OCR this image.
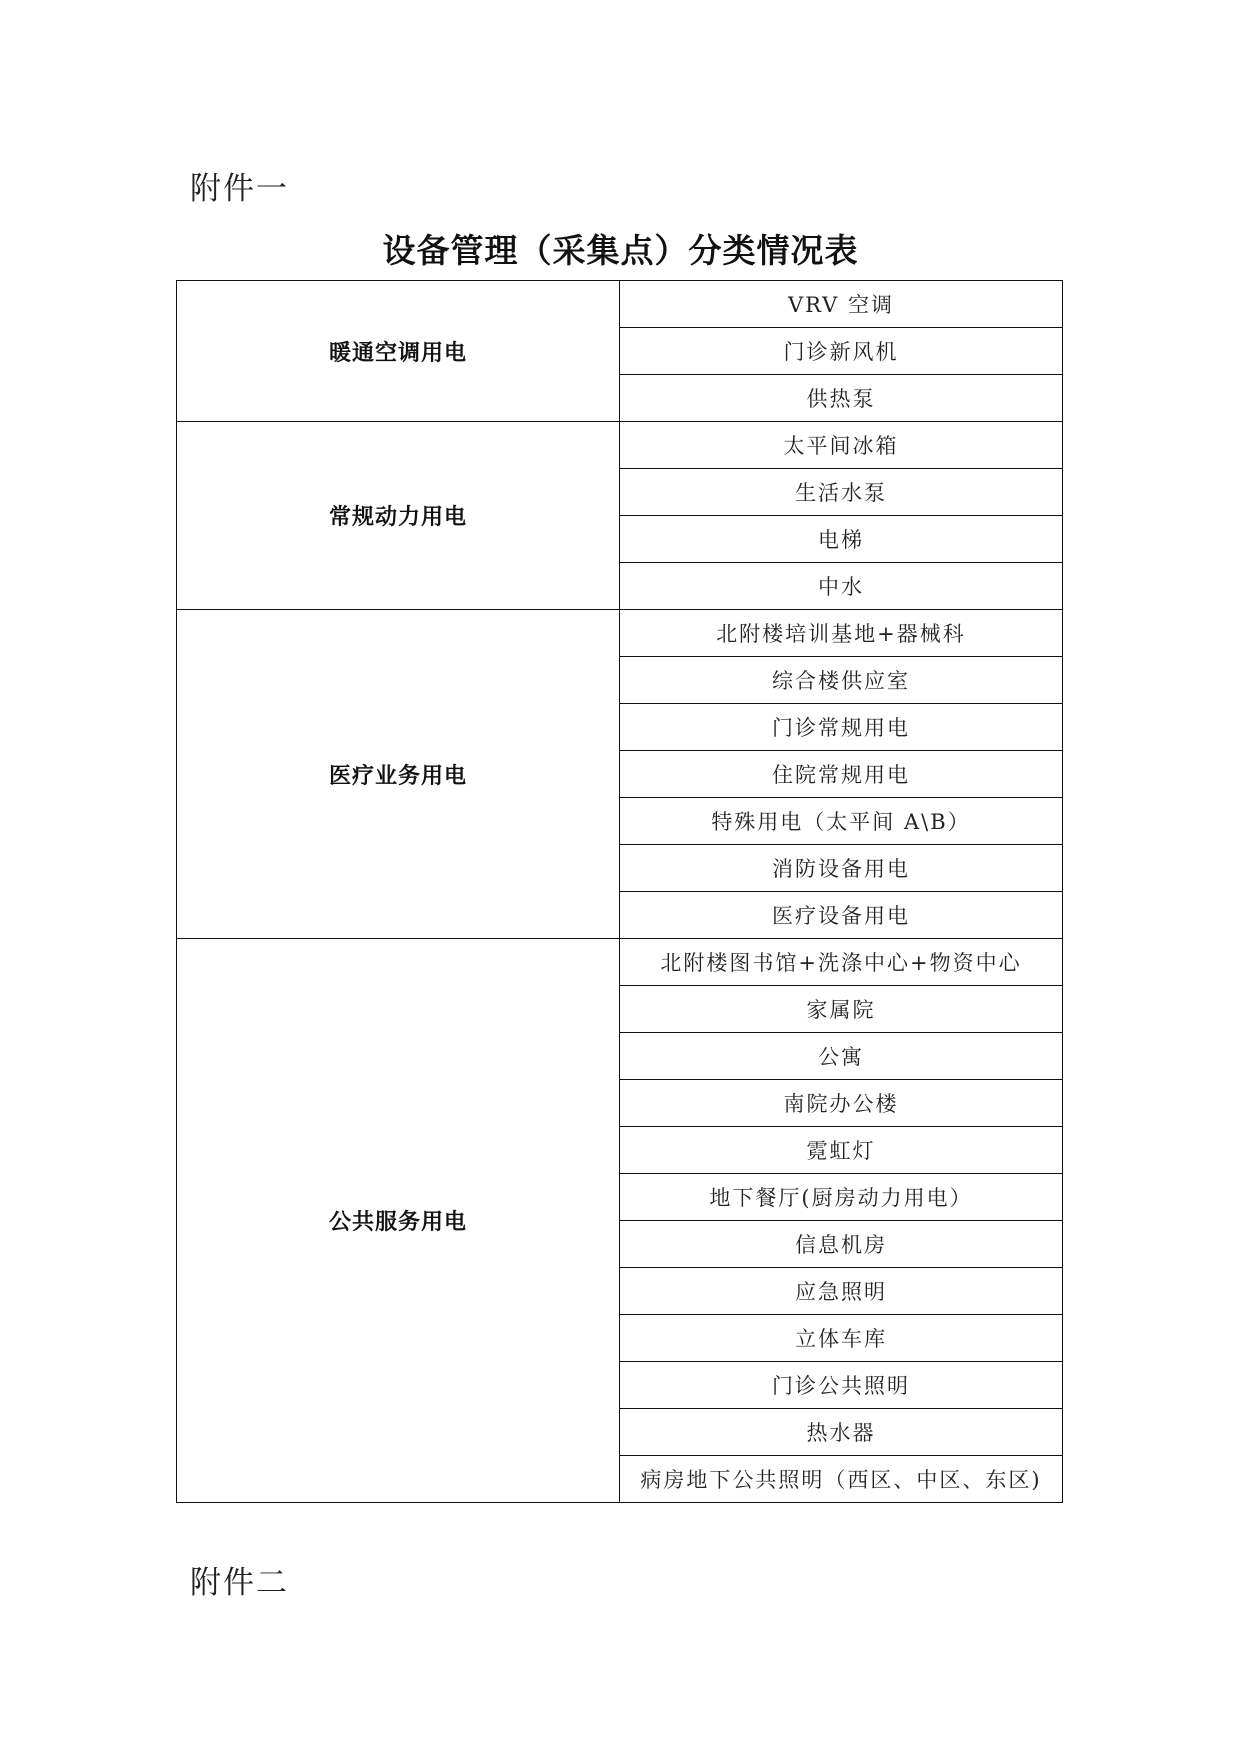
附件一
设备管理（采集点）分类情况表
暖通空调用电	VRV 空调
	门诊新风机
	供热泵
常规动力用电	太平间冰箱
	生活水泵
	电梯
	中水
医疗业务用电	北附楼培训基地+器械科
	综合楼供应室
	门诊常规用电
	住院常规用电
	特殊用电（太平间 A\B）
	消防设备用电
	医疗设备用电
公共服务用电	北附楼图书馆+洗涤中心+物资中心
	家属院
	公寓
	南院办公楼
	霓虹灯
	地下餐厅(厨房动力用电）
	信息机房
	应急照明
	立体车库
	门诊公共照明
	热水器
	病房地下公共照明（西区、中区、东区)
附件二
